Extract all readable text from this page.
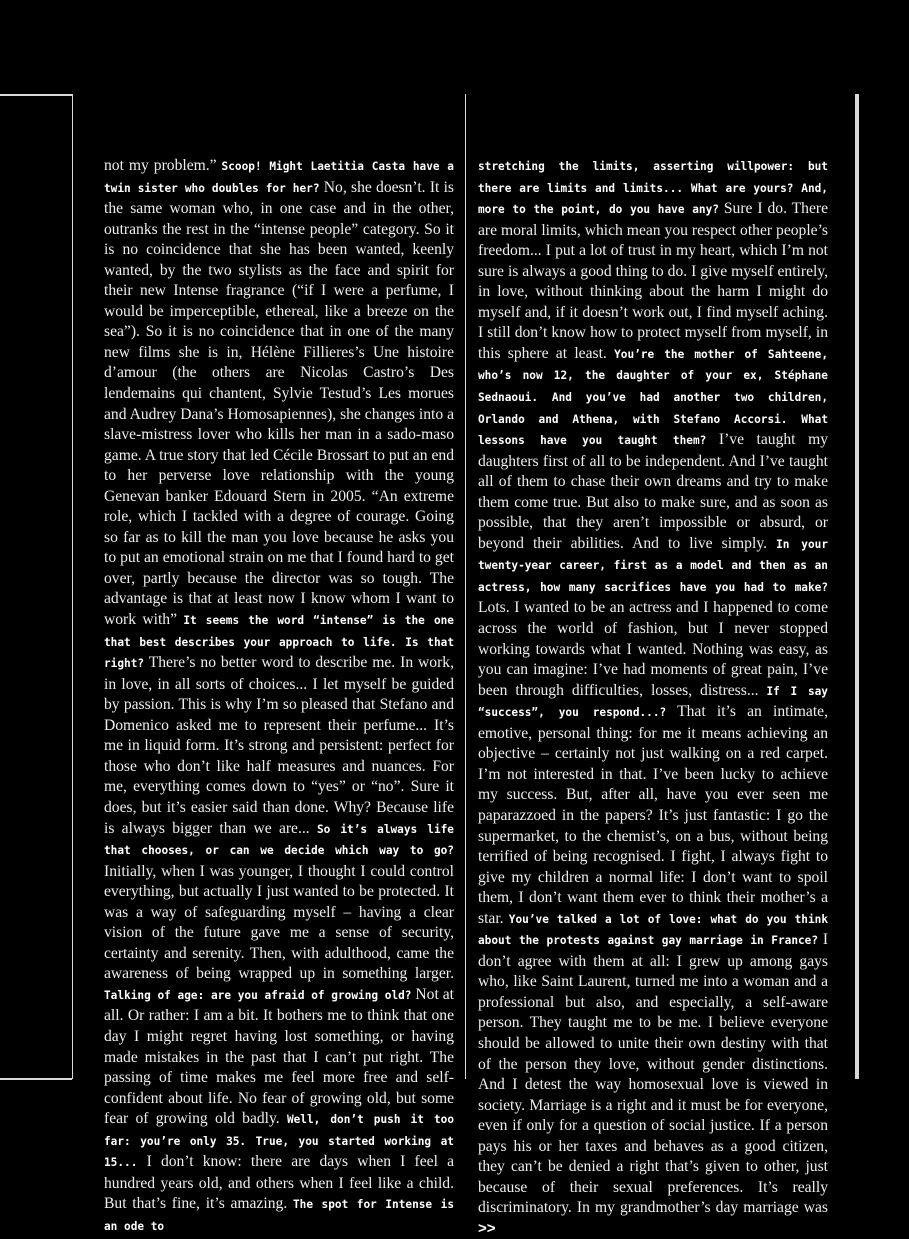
not my problem.” Scoop! Might Laetitia Casta have a twin sister who doubles for her? No, she doesn’t. It is the same woman who, in one case and in the other, outranks the rest in the “intense people” category. So it is no coincidence that she has been wanted, keenly wanted, by the two stylists as the face and spirit for their new Intense fragrance (“if I were a perfume, I would be imperceptible, ethereal, like a breeze on the sea”). So it is no coincidence that in one of the many new films she is in, Hélène Fillieres’s Une histoire d’amour (the others are Nicolas Castro’s Des lendemains qui chantent, Sylvie Testud’s Les morues and Audrey Dana’s Homosapiennes), she changes into a slave-mistress lover who kills her man in a sado-maso game. A true story that led Cécile Brossart to put an end to her perverse love relationship with the young Genevan banker Edouard Stern in 2005. “An extreme role, which I tackled with a degree of courage. Going so far as to kill the man you love because he asks you to put an emotional strain on me that I found hard to get over, partly because the director was so tough. The advantage is that at least now I know whom I want to work with” It seems the word “intense” is the one that best describes your approach to life. Is that right? There’s no better word to describe me. In work, in love, in all sorts of choices... I let myself be guided by passion. This is why I’m so pleased that Stefano and Domenico asked me to represent their perfume... It’s me in liquid form. It’s strong and persistent: perfect for those who don’t like half measures and nuances. For me, everything comes down to “yes” or “no”. Sure it does, but it’s easier said than done. Why? Because life is always bigger than we are... So it’s always life that chooses, or can we decide which way to go? Initially, when I was younger, I thought I could control everything, but actually I just wanted to be protected. It was a way of safeguarding myself – having a clear vision of the future gave me a sense of security, certainty and serenity. Then, with adulthood, came the awareness of being wrapped up in something larger. Talking of age: are you afraid of growing old? Not at all. Or rather: I am a bit. It bothers me to think that one day I might regret having lost something, or having made mistakes in the past that I can’t put right. The passing of time makes me feel more free and self-confident about life. No fear of growing old, but some fear of growing old badly. Well, don’t push it too far: you’re only 35. True, you started working at 15... I don’t know: there are days when I feel a hundred years old, and others when I feel like a child. But that’s fine, it’s amazing. The spot for Intense is an ode to

stretching the limits, asserting willpower: but there are limits and limits... What are yours? And, more to the point, do you have any? Sure I do. There are moral limits, which mean you respect other people’s freedom... I put a lot of trust in my heart, which I’m not sure is always a good thing to do. I give myself entirely, in love, without thinking about the harm I might do myself and, if it doesn’t work out, I find myself aching. I still don’t know how to protect myself from myself, in this sphere at least. You’re the mother of Sahteene, who’s now 12, the daughter of your ex, Stéphane Sednaoui. And you’ve had another two children, Orlando and Athena, with Stefano Accorsi. What lessons have you taught them? I’ve taught my daughters first of all to be independent. And I’ve taught all of them to chase their own dreams and try to make them come true. But also to make sure, and as soon as possible, that they aren’t impossible or absurd, or beyond their abilities. And to live simply. In your twenty-year career, first as a model and then as an actress, how many sacrifices have you had to make? Lots. I wanted to be an actress and I happened to come across the world of fashion, but I never stopped working towards what I wanted. Nothing was easy, as you can imagine: I’ve had moments of great pain, I’ve been through difficulties, losses, distress... If I say “success”, you respond...? That it’s an intimate, emotive, personal thing: for me it means achieving an objective – certainly not just walking on a red carpet. I’m not interested in that. I’ve been lucky to achieve my success. But, after all, have you ever seen me paparazzoed in the papers? It’s just fantastic: I go the supermarket, to the chemist’s, on a bus, without being terrified of being recognised. I fight, I always fight to give my children a normal life: I don’t want to spoil them, I don’t want them ever to think their mother’s a star. You’ve talked a lot of love: what do you think about the protests against gay marriage in France? I don’t agree with them at all: I grew up among gays who, like Saint Laurent, turned me into a woman and a professional but also, and especially, a self-aware person. They taught me to be me. I believe everyone should be allowed to unite their own destiny with that of the person they love, without gender distinctions. And I detest the way homosexual love is viewed in society. Marriage is a right and it must be for everyone, even if only for a question of social justice. If a person pays his or her taxes and behaves as a good citizen, they can’t be denied a right that’s given to other, just because of their sexual preferences. It’s really discriminatory. In my grandmother’s day marriage was >>
